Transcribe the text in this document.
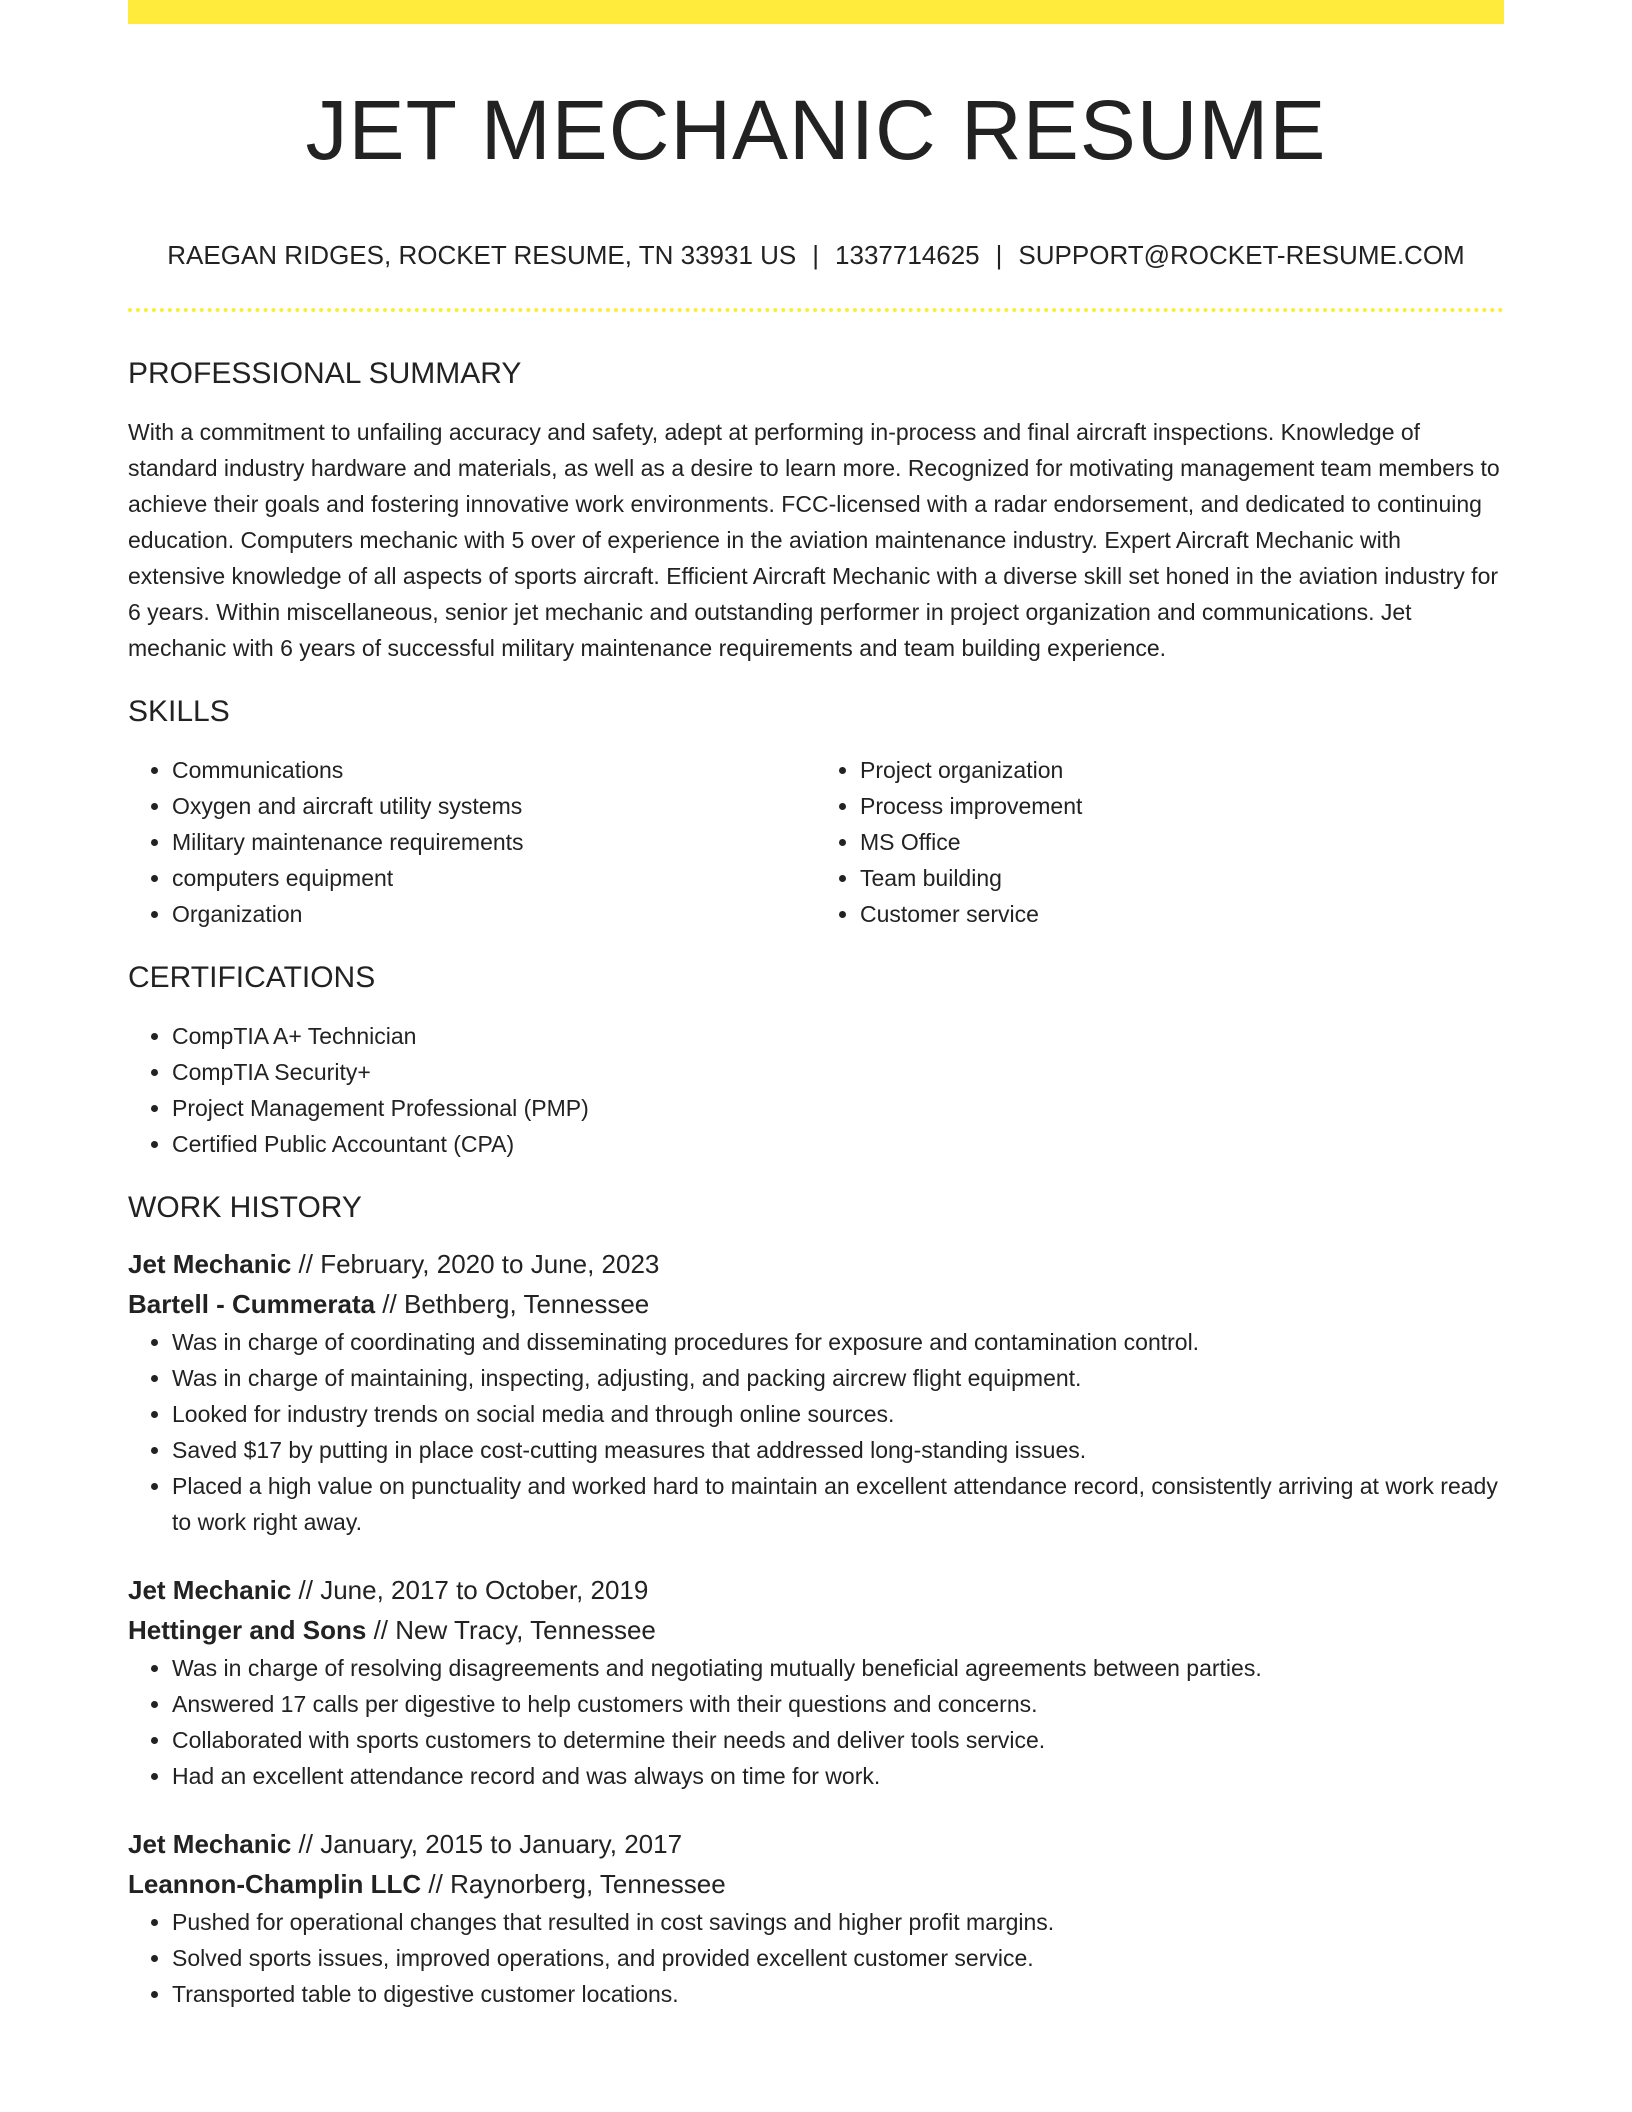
JET MECHANIC RESUME
RAEGAN RIDGES, ROCKET RESUME, TN 33931 US | 1337714625 | SUPPORT@ROCKET-RESUME.COM
PROFESSIONAL SUMMARY

With a commitment to unfailing accuracy and safety, adept at performing in-process and final aircraft inspections. Knowledge of standard industry hardware and materials, as well as a desire to learn more. Recognized for motivating management team members to achieve their goals and fostering innovative work environments. FCC-licensed with a radar endorsement, and dedicated to continuing education. Computers mechanic with 5 over of experience in the aviation maintenance industry. Expert Aircraft Mechanic with extensive knowledge of all aspects of sports aircraft. Efficient Aircraft Mechanic with a diverse skill set honed in the aviation industry for 6 years. Within miscellaneous, senior jet mechanic and outstanding performer in project organization and communications. Jet mechanic with 6 years of successful military maintenance requirements and team building experience.

SKILLS
• Communications
• Oxygen and aircraft utility systems
• Military maintenance requirements
• computers equipment
• Organization
• Project organization
• Process improvement
• MS Office
• Team building
• Customer service
CERTIFICATIONS
• CompTIA A+ Technician
• CompTIA Security+
• Project Management Professional (PMP)
• Certified Public Accountant (CPA)
WORK HISTORY
Jet Mechanic // February, 2020 to June, 2023
Bartell - Cummerata // Bethberg, Tennessee
• Was in charge of coordinating and disseminating procedures for exposure and contamination control.
• Was in charge of maintaining, inspecting, adjusting, and packing aircrew flight equipment.
• Looked for industry trends on social media and through online sources.
• Saved $17 by putting in place cost-cutting measures that addressed long-standing issues.
• Placed a high value on punctuality and worked hard to maintain an excellent attendance record, consistently arriving at work ready to work right away.
Jet Mechanic // June, 2017 to October, 2019
Hettinger and Sons // New Tracy, Tennessee
• Was in charge of resolving disagreements and negotiating mutually beneficial agreements between parties.
• Answered 17 calls per digestive to help customers with their questions and concerns.
• Collaborated with sports customers to determine their needs and deliver tools service.
• Had an excellent attendance record and was always on time for work.
Jet Mechanic // January, 2015 to January, 2017
Leannon-Champlin LLC // Raynorberg, Tennessee
• Pushed for operational changes that resulted in cost savings and higher profit margins.
• Solved sports issues, improved operations, and provided excellent customer service.
• Transported table to digestive customer locations.
